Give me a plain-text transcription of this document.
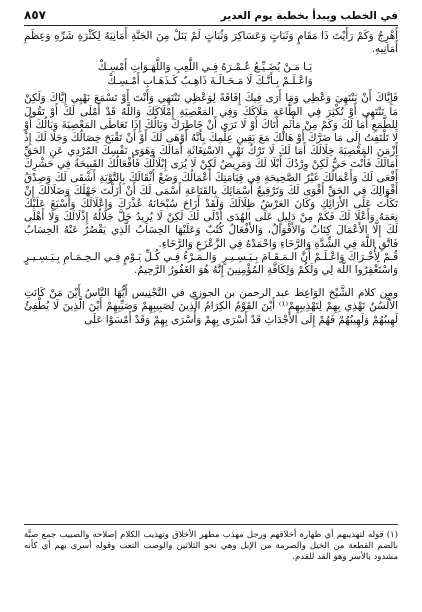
في الخطب ويبدأ بخطبة يوم الغدير
٨٥٧

أَهْرِجُ وَكَمْ رَأَيْتَ ذَا مَقَامٍ وَثَبَاتٍ وَعَسَاكِرَ وَثُبَاتٍ لَمْ يَنَلْ مِنَ الجَنَّةِ أَمَانِيَهُ لِكَثْرَةِ شَرِّهِ وَعِظَمِ أَمَانِيهِ.

يَـا مَـنْ يُضَـيِّـعُ عُـمْـرَهُ فِـي اللَّعِبِ وَاللَّهَـوَاتِ أَمْسِـكْ
وَاعْـلَـمْ بِـأَنَّـكَ لَا مَـحَـالَـةَ ذَاهِـبٌ كَـذَهَـابِ أَمْـسِـكْ

فَإِيَّاكَ أَنْ يَنْتَهِيَ وَعْظِي وَمَا أَرَى فِيكَ إِفَاقَةً لِوَعْظِي تَنْتَهِي وَأَنْتَ أَوْ تَسْمَعَ نَهْيِي إِيَّاكَ وَلَكِنْ مَا تَنْتَهِي أَوْ تُكْثِرَ فِي الطَّاعَةِ مَلَاكَكَ وَفِي المَعْصِيَةِ إِمْلَاكَكَ وَاللَّهُ قَدْ أَمْلَى لَكَ أَوْ تَقُولَ لِلطَّمَعِ أَمَا لَكَ وَكَمْ مِنْ مَأْثَمٍ أَتَاكَ أَوْ لَا تَرَى أَنْ خَاطِرَكَ وَبَالُكَ إِذَا تَعَاطَى المَعْصِيَةَ وَبَالُكَ أَوْ لَا تَلْتَفِتُ إِلَى مَا ضَرَّكَ أَوْ هَالَكَ مَعَ يَقِينِ عِلْمِكَ بِأَنَّهُ أَوْهَى لَكَ أَوْ أَنْ تَقْبَحَ خِصَالُكَ وَجَلَا لَكَ إِذْ أَزْمَنَ المَعْصِيَةَ خِلَالَكَ أَمَا لَكَ لَا تَرْكُ نَهْيِ الاسْتِغَاثَةِ أَمَالَكَ وَهَوَى نَفْسِكَ المُرْدِي عَنِ الحَقِّ أَمَالَكَ فَأَنْتَ حَيٌّ لَكِنْ وِرْدُكَ أَبْلَا لَكَ وَمَرِيضٌ لَكِنْ لَا يُرَى إِبْلَالُكَ فَأَفْعَالُكَ القَبِيحَةُ فِي حَشْرِكَ أَفْعَى لَكَ وَأَعْمَالُكَ غَيْرُ الصَّحِيحَةِ فِي قِيَامَتِكَ أَعْمَالُكَ وَضَعْ أَثْقَالَكَ بِالتَّوْبَةِ أَشْقَى لَكَ وَصِدْقُ أَقْوَالِكَ فِي الحَقِّ أَقْوَى لَكَ وَتَرْفِيعُ أَسْمَائِكَ بِالقَنَاعَةِ أَسْمَى لَكَ أَنْ أَزَلْتَ جَهْلَكَ وَضَلَالَكَ إِنْ تَكَأْتَ عَلَى الأَرَائِكِ وَكَانَ العَرْشُ ظِلَالَكَ وَلَقَدْ أَزَاحَ سُبْحَانَهُ عُذْرَكَ وَإِعْلَالَكَ وَأَسْبَغَ عَلَيْكَ نِعَمَهُ وَأَعْلَا لَكَ فَكَمْ مِنْ دَلِيلٍ عَلَى الهُدَى أَدْلَى لَكَ لَكِنْ لَا يُرِيدُ جَلَّ جَلَالُهُ إِذْلَالَكَ وَلَا أَهْلَى لَكَ إِلَّا الأَعْمَالَ كِتَابٌ وَالأَقْوَالُ، وَالأَفْعَالُ كُتُبٌ وَعَلَيْهَا الحِسَابُ الَّذِي يَقْصُرُ عَنْهُ الحِسَابُ فَاتَّقِ اللَّهَ فِي الشِّدَّةِ وَالرَّخَاءِ وَاحْمَدْهُ فِي الزَّعْزَعِ وَالرَّخَاءِ.

قُـمْ لِأُخْـرَاكَ وَاعْـلَـمْ أَنَّ الـمَـقَـامَ بِـيَـسِـيـرٍ
وَالـمَـرْءُ فِـي كُـلِّ يَـوْمٍ فِـي الـحِـمَـامِ بِـيَـسِـيـرٍ

وَاسْتَغْفِرُوا اللَّهَ لِي وَلَكُمْ وَلِكَافَّةِ المُؤْمِنِينَ إِنَّهُ هُوَ الغَفُورُ الرَّحِيمُ.

ومن كلام الشَّيْخ الوَاعِظ عبد الرحمن بن الجوزي في التَّجْنِيس أَيُّهَا النَّاسُ أَيْنَ مَنْ كَانَتِ الأَلْسُنُ تَهْذِي بِهِمْ لِتَهْذِيبِهِمْ⁽¹⁾ أَيْنَ القَوْمُ الكِرَامُ الَّذِينَ لِصَبِيبِهِمْ وَصَيِّبِهِمْ أَيْنَ الَّذِينَ لَا يُطْفِئُ لَهِيبُهُمْ وَلَهِيبُهُمْ فَهُمْ إِلَى الأَجْدَاثِ قَدْ أَسْرَى بِهِمْ وَأُسْرَى بِهِمْ وَقَدْ أَمْسَوْا عَلَى

(١) قوله لتهذيبهم أي طهارة أخلاقهم ورجل مهذب مطهر الأخلاق وتهذيب الكلام إصلاحه والصبيب جمع صبَّة بالضم القطعة من الخيل والصرمة من الإبل وهي نحو الثلاثين والوصب التعب وقوله أسرى بهم أي كأنه مشدود بالأسر وهو القد للقدم.
